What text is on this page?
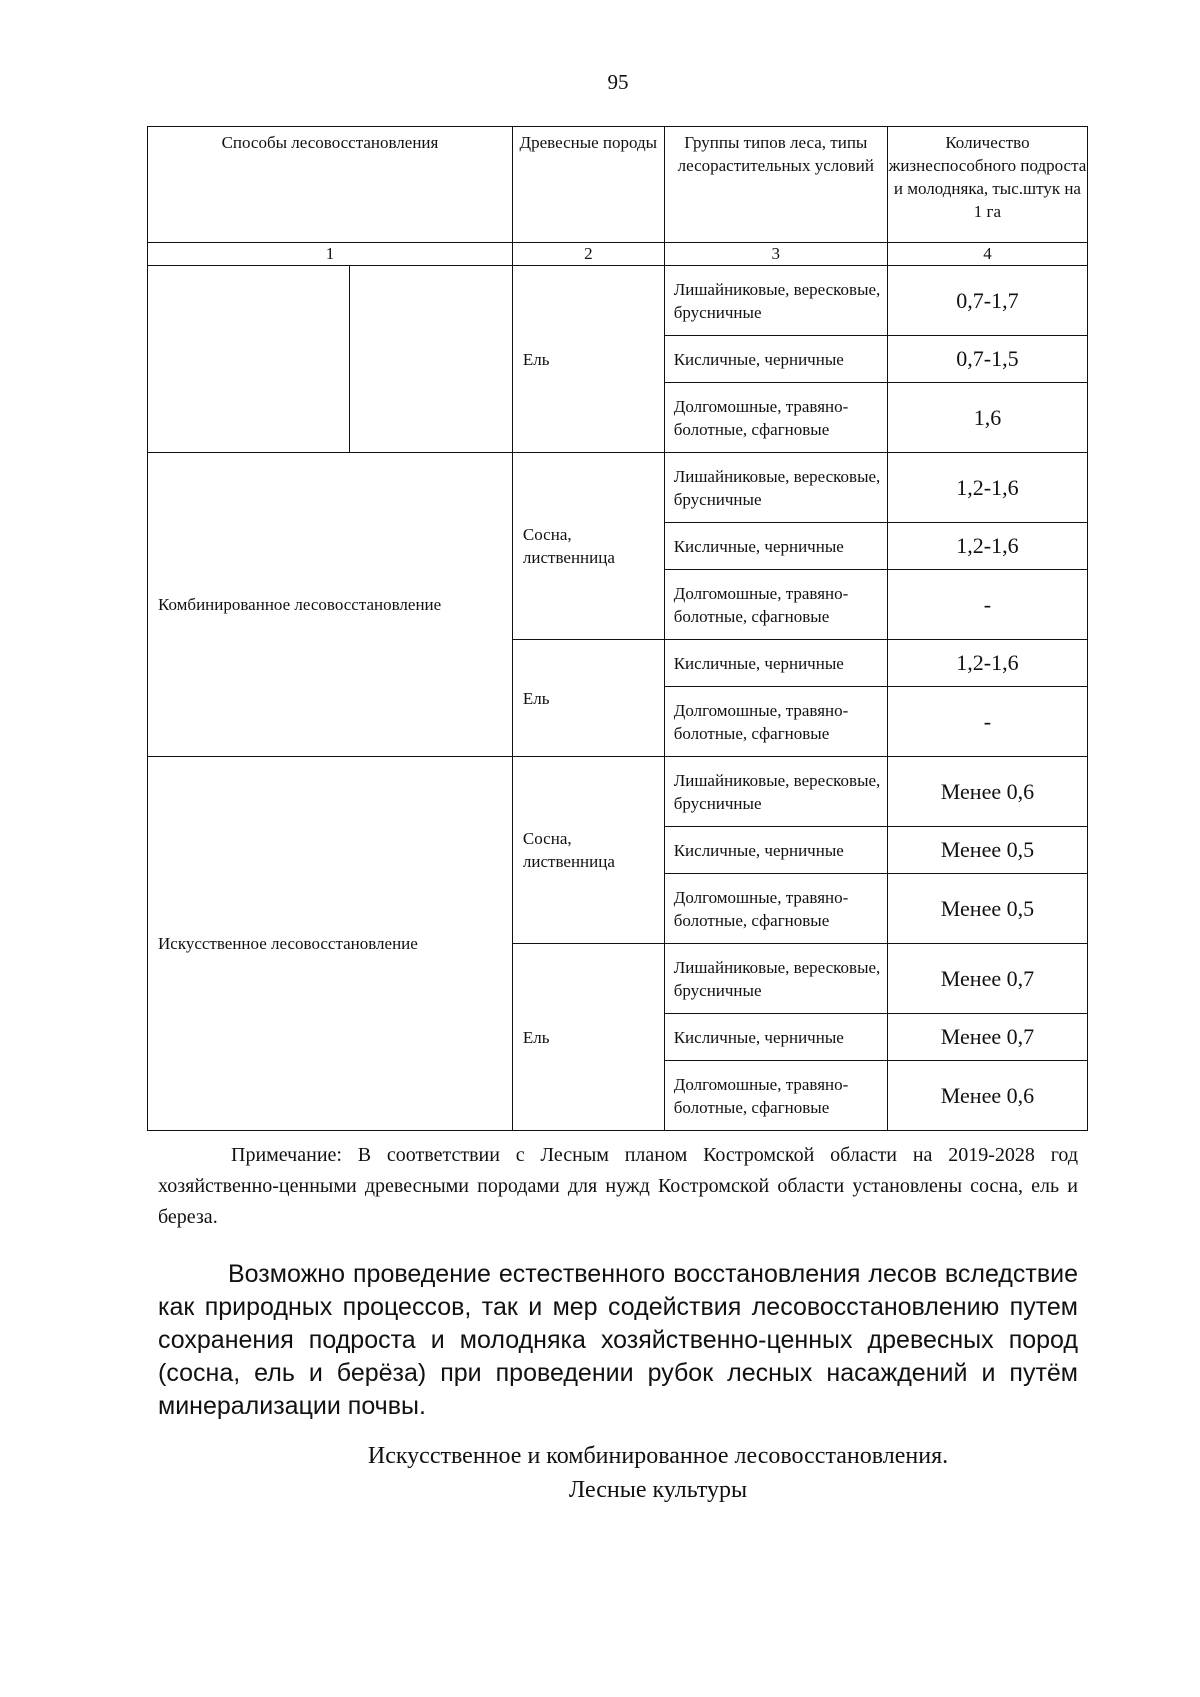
95
Способы лесовосстановления		Древесные породы	Группы типов леса, типы лесорастительных условий	Количество жизнеспособного подроста и молодняка, тыс.штук на 1 га
1		2	3	4
		Ель	Лишайниковые, вересковые, брусничные	0,7-1,7
			Кисличные, черничные	0,7-1,5
			Долгомошные, травяно-болотные, сфагновые	1,6
Комбинированное лесовосстановление		Сосна, лиственница	Лишайниковые, вересковые, брусничные	1,2-1,6
			Кисличные, черничные	1,2-1,6
			Долгомошные, травяно-болотные, сфагновые	-
		Ель	Кисличные, черничные	1,2-1,6
			Долгомошные, травяно-болотные, сфагновые	-
Искусственное лесовосстановление		Сосна, лиственница	Лишайниковые, вересковые, брусничные	Менее 0,6
			Кисличные, черничные	Менее 0,5
			Долгомошные, травяно-болотные, сфагновые	Менее 0,5
		Ель	Лишайниковые, вересковые, брусничные	Менее 0,7
			Кисличные, черничные	Менее 0,7
			Долгомошные, травяно-болотные, сфагновые	Менее 0,6
Примечание: В соответствии с Лесным планом Костромской области на 2019-2028 год хозяйственно-ценными древесными породами для нужд Костромской области установлены сосна, ель и береза.
Возможно проведение естественного восстановления лесов вследствие как природных процессов, так и мер содействия лесовосстановлению путем сохранения подроста и молодняка хозяйственно-ценных древесных пород (сосна, ель и берёза) при проведении рубок лесных насаждений и путём минерализации почвы.
Искусственное и комбинированное лесовосстановления.
Лесные культуры
